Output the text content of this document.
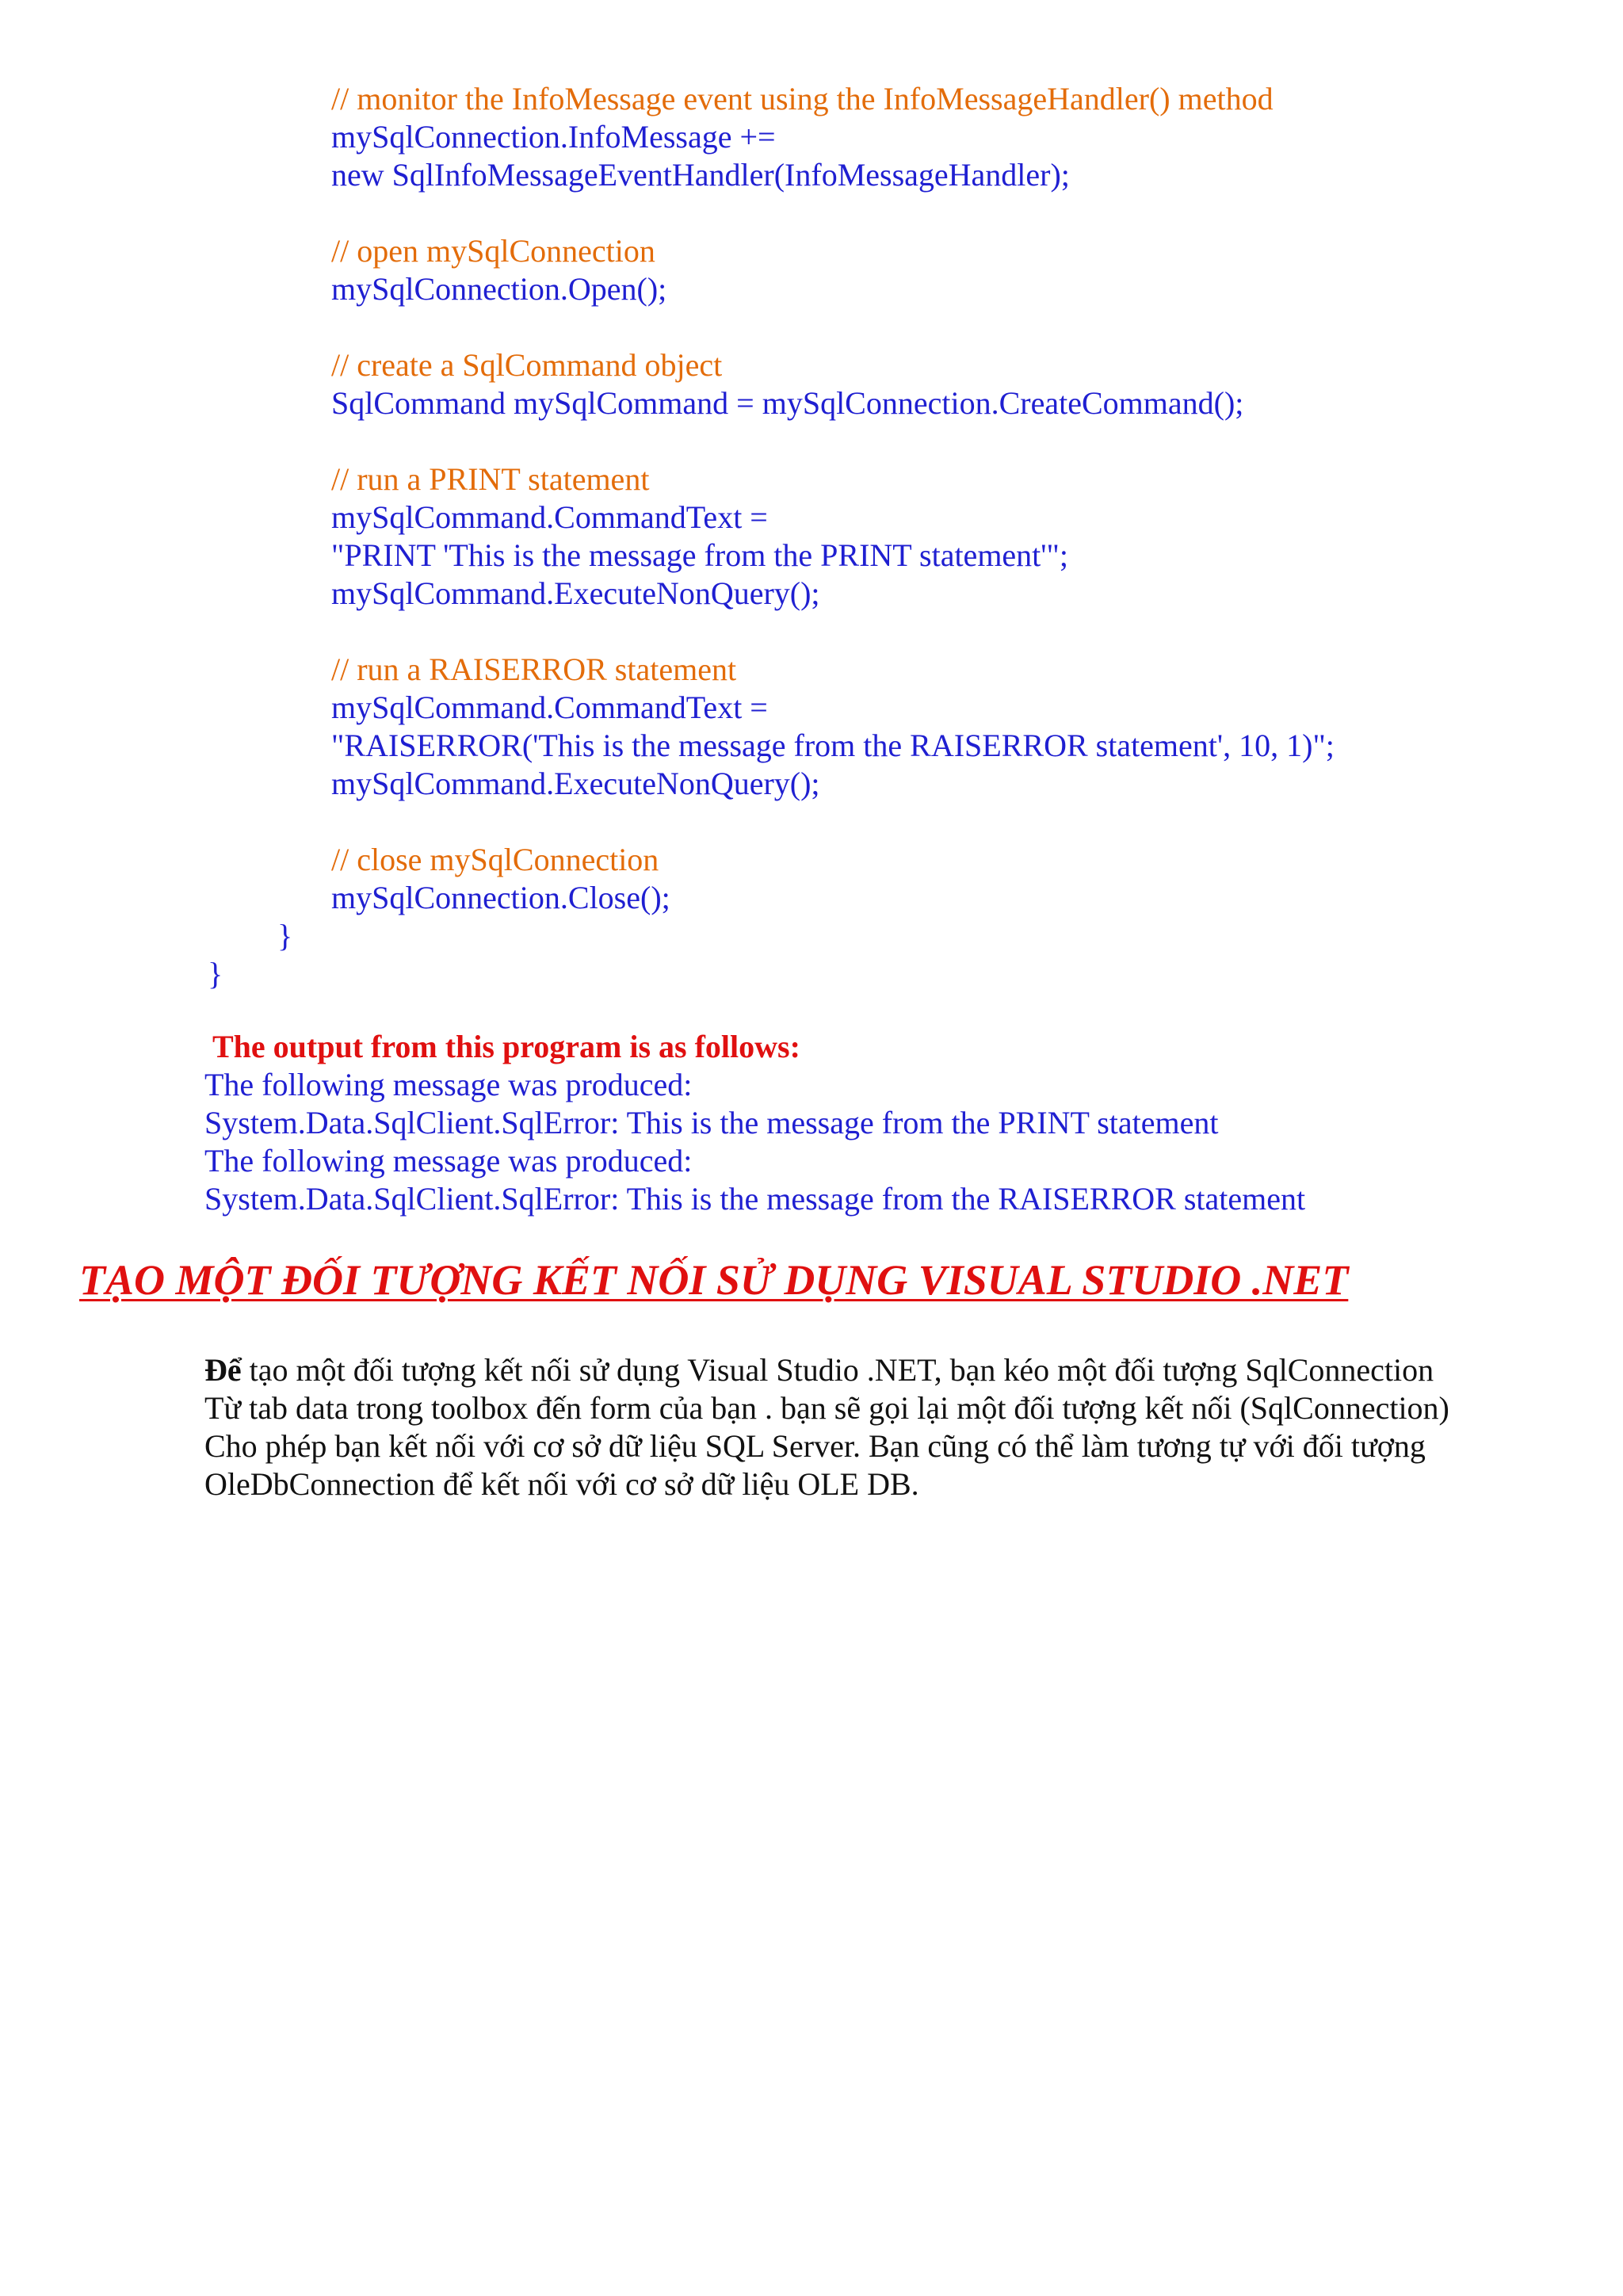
// monitor the InfoMessage event using the InfoMessageHandler() method
mySqlConnection.InfoMessage +=
new SqlInfoMessageEventHandler(InfoMessageHandler);
// open mySqlConnection
mySqlConnection.Open();
// create a SqlCommand object
SqlCommand mySqlCommand = mySqlConnection.CreateCommand();
// run a PRINT statement
mySqlCommand.CommandText =
"PRINT 'This is the message from the PRINT statement'";
mySqlCommand.ExecuteNonQuery();
// run a RAISERROR statement
mySqlCommand.CommandText =
"RAISERROR('This is the message from the RAISERROR statement', 10, 1)";
mySqlCommand.ExecuteNonQuery();
// close mySqlConnection
mySqlConnection.Close();
}
}
The output from this program is as follows:
The following message was produced:
System.Data.SqlClient.SqlError: This is the message from the PRINT statement
The following message was produced:
System.Data.SqlClient.SqlError: This is the message from the RAISERROR statement
TẠO MỘT ĐỐI TƯỢNG KẾT NỐI SỬ DỤNG VISUAL STUDIO .NET
Để tạo một đối tượng kết nối sử dụng Visual Studio .NET, bạn kéo một đối tượng SqlConnection
Từ tab data trong toolbox đến form của bạn . bạn sẽ gọi lại một đối tượng kết nối (SqlConnection)
Cho phép bạn kết nối với cơ sở dữ liệu SQL Server. Bạn cũng có thể làm tương tự với đối tượng
OleDbConnection để kết nối với cơ sở dữ liệu OLE DB.
